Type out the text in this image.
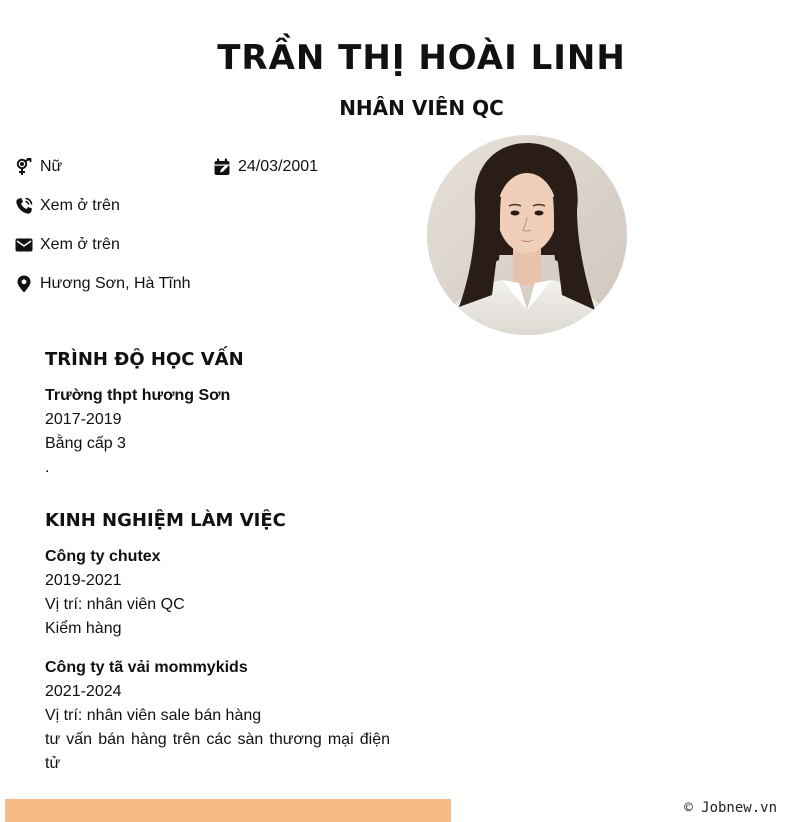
TRẦN THỊ HOÀI LINH
NHÂN VIÊN QC
Nữ	24/03/2001
Xem ở trên
Xem ở trên
Hương Sơn, Hà Tĩnh
TRÌNH ĐỘ HỌC VẤN
Trường thpt hương Sơn
2017-2019
Bằng cấp 3
.
KINH NGHIỆM LÀM VIỆC
Công ty chutex
2019-2021
Vị trí: nhân viên QC
Kiểm hàng
Công ty tã vải mommykids
2021-2024
Vị trí: nhân viên sale bán hàng
tư vấn bán hàng trên các sàn thương mại điện tử
© Jobnew.vn
